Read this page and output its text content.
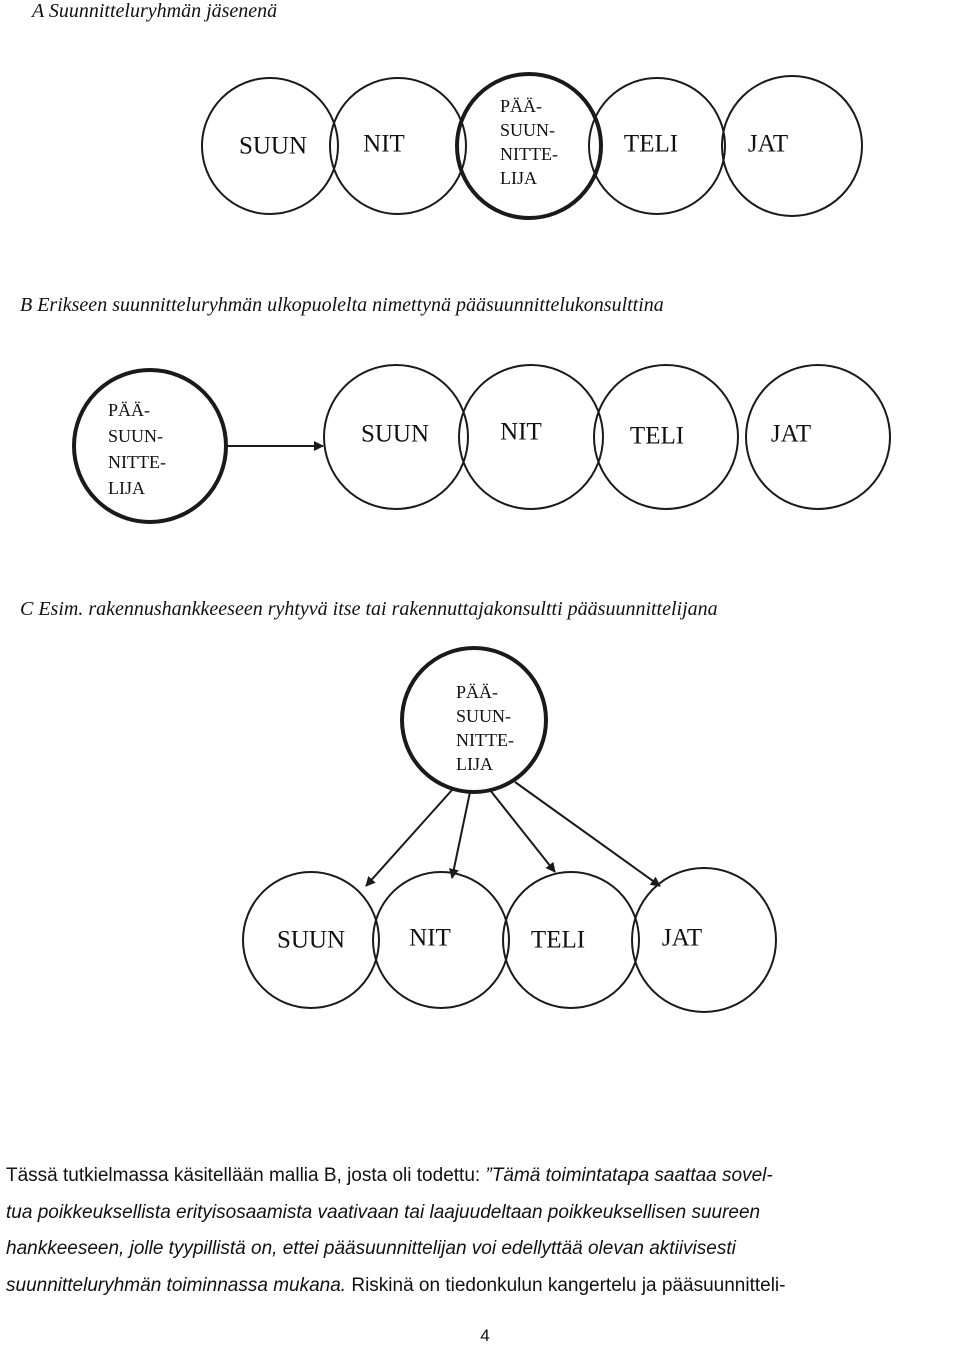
A Suunnitteluryhmän jäsenenä
B Erikseen suunnitteluryhmän ulkopuolelta nimettynä pääsuunnittelukonsulttina
C Esim. rakennushankkeeseen ryhtyvä itse tai rakennuttajakonsultti pääsuunnittelijana
SUUN NIT
PÄÄ-
SUUN-
NITTE-
LIJA
TELI	JAT
PÄÄ-
SUUN-
NITTE-
LIJA
SUUN	NIT	TELI	JAT
PÄÄ-
SUUN-
NITTE-
LIJA
SUUN	NIT	TELI	JAT
Tässä tutkielmassa käsitellään mallia B, josta oli todettu: ”Tämä toimintatapa saattaa sovel-
tua poikkeuksellista erityisosaamista vaativaan tai laajuudeltaan poikkeuksellisen suureen
hankkeeseen, jolle tyypillistä on, ettei pääsuunnittelijan voi edellyttää olevan aktiivisesti
suunnitteluryhmän toiminnassa mukana. Riskinä on tiedonkulun kangertelu ja pääsuunnitteli-
4
